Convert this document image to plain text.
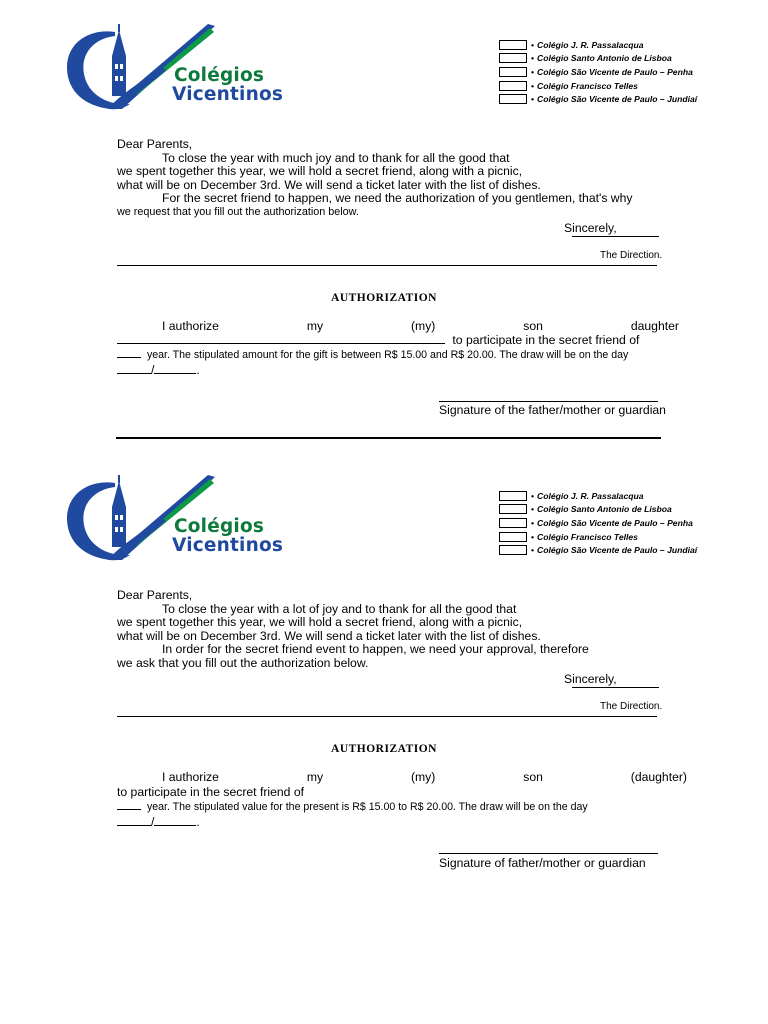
Colégios
Vicentinos
• Colégio J. R. Passalacqua
• Colégio Santo Antonio de Lisboa
• Colégio São Vicente de Paulo – Penha
• Colégio Francisco Telles
• Colégio São Vicente de Paulo – Jundiaí
Dear Parents,
To close the year with much joy and to thank for all the good that
we spent together this year, we will hold a secret friend, along with a picnic,
what will be on December 3rd. We will send a ticket later with the list of dishes.
For the secret friend to happen, we need the authorization of you gentlemen, that's why
we request that you fill out the authorization below.
Sincerely,
The Direction.
AUTHORIZATION
I authorize	my	(my)	son	daughter
to participate in the secret friend of
year. The stipulated amount for the gift is between R$ 15.00 and R$ 20.00. The draw will be on the day
/	.
Signature of the father/mother or guardian
Colégios
Vicentinos
• Colégio J. R. Passalacqua
• Colégio Santo Antonio de Lisboa
• Colégio São Vicente de Paulo – Penha
• Colégio Francisco Telles
• Colégio São Vicente de Paulo – Jundiaí
Dear Parents,
To close the year with a lot of joy and to thank for all the good that
we spent together this year, we will hold a secret friend, along with a picnic,
what will be on December 3rd. We will send a ticket later with the list of dishes.
In order for the secret friend event to happen, we need your approval, therefore
we ask that you fill out the authorization below.
Sincerely,
The Direction.
AUTHORIZATION
I authorize	my	(my)	son	(daughter)
to participate in the secret friend of
year. The stipulated value for the present is R$ 15.00 to R$ 20.00. The draw will be on the day
/	.
Signature of father/mother or guardian
